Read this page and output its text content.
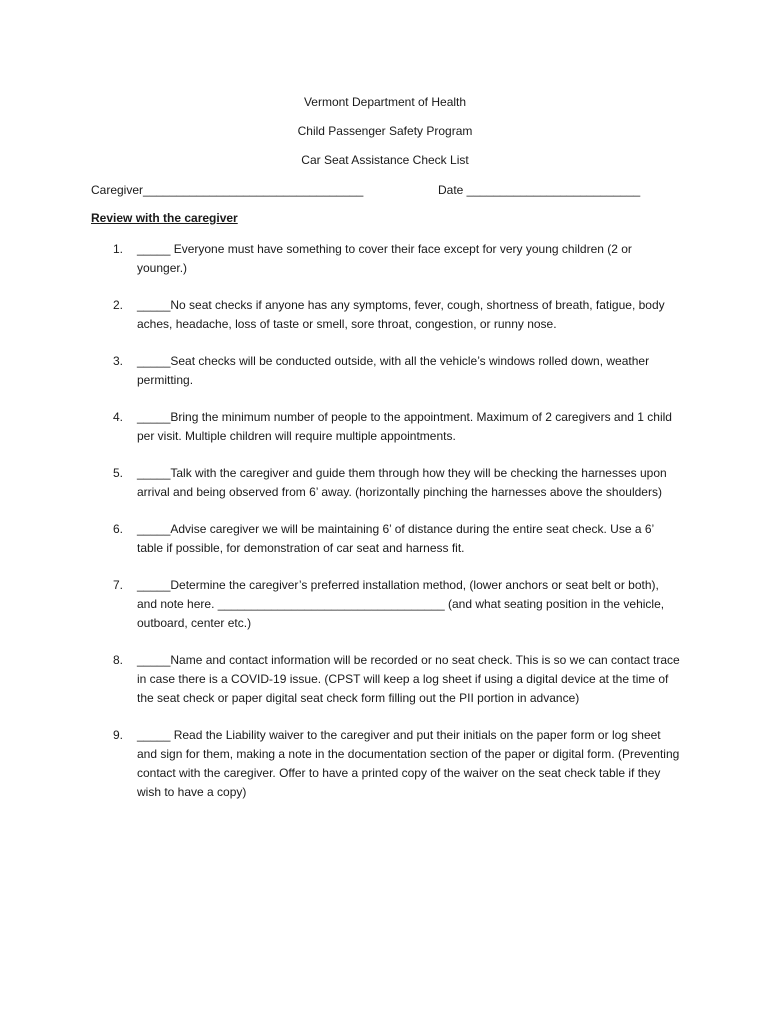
Vermont Department of Health
Child Passenger Safety Program
Car Seat Assistance Check List
Caregiver_________________________________	Date __________________________
Review with the caregiver
1. _____ Everyone must have something to cover their face except for very young children (2 or younger.)
2. _____No seat checks if anyone has any symptoms, fever, cough, shortness of breath, fatigue, body aches, headache, loss of taste or smell, sore throat, congestion, or runny nose.
3. _____Seat checks will be conducted outside, with all the vehicle’s windows rolled down, weather permitting.
4. _____Bring the minimum number of people to the appointment. Maximum of 2 caregivers and 1 child per visit. Multiple children will require multiple appointments.
5. _____Talk with the caregiver and guide them through how they will be checking the harnesses upon arrival and being observed from 6’ away. (horizontally pinching the harnesses above the shoulders)
6. _____Advise caregiver we will be maintaining 6’ of distance during the entire seat check. Use a 6’ table if possible, for demonstration of car seat and harness fit.
7. _____Determine the caregiver’s preferred installation method, (lower anchors or seat belt or both), and note here. __________________________________ (and what seating position in the vehicle, outboard, center etc.)
8. _____Name and contact information will be recorded or no seat check. This is so we can contact trace in case there is a COVID-19 issue. (CPST will keep a log sheet if using a digital device at the time of the seat check or paper digital seat check form filling out the PII portion in advance)
9. _____ Read the Liability waiver to the caregiver and put their initials on the paper form or log sheet and sign for them, making a note in the documentation section of the paper or digital form. (Preventing contact with the caregiver. Offer to have a printed copy of the waiver on the seat check table if they wish to have a copy)
